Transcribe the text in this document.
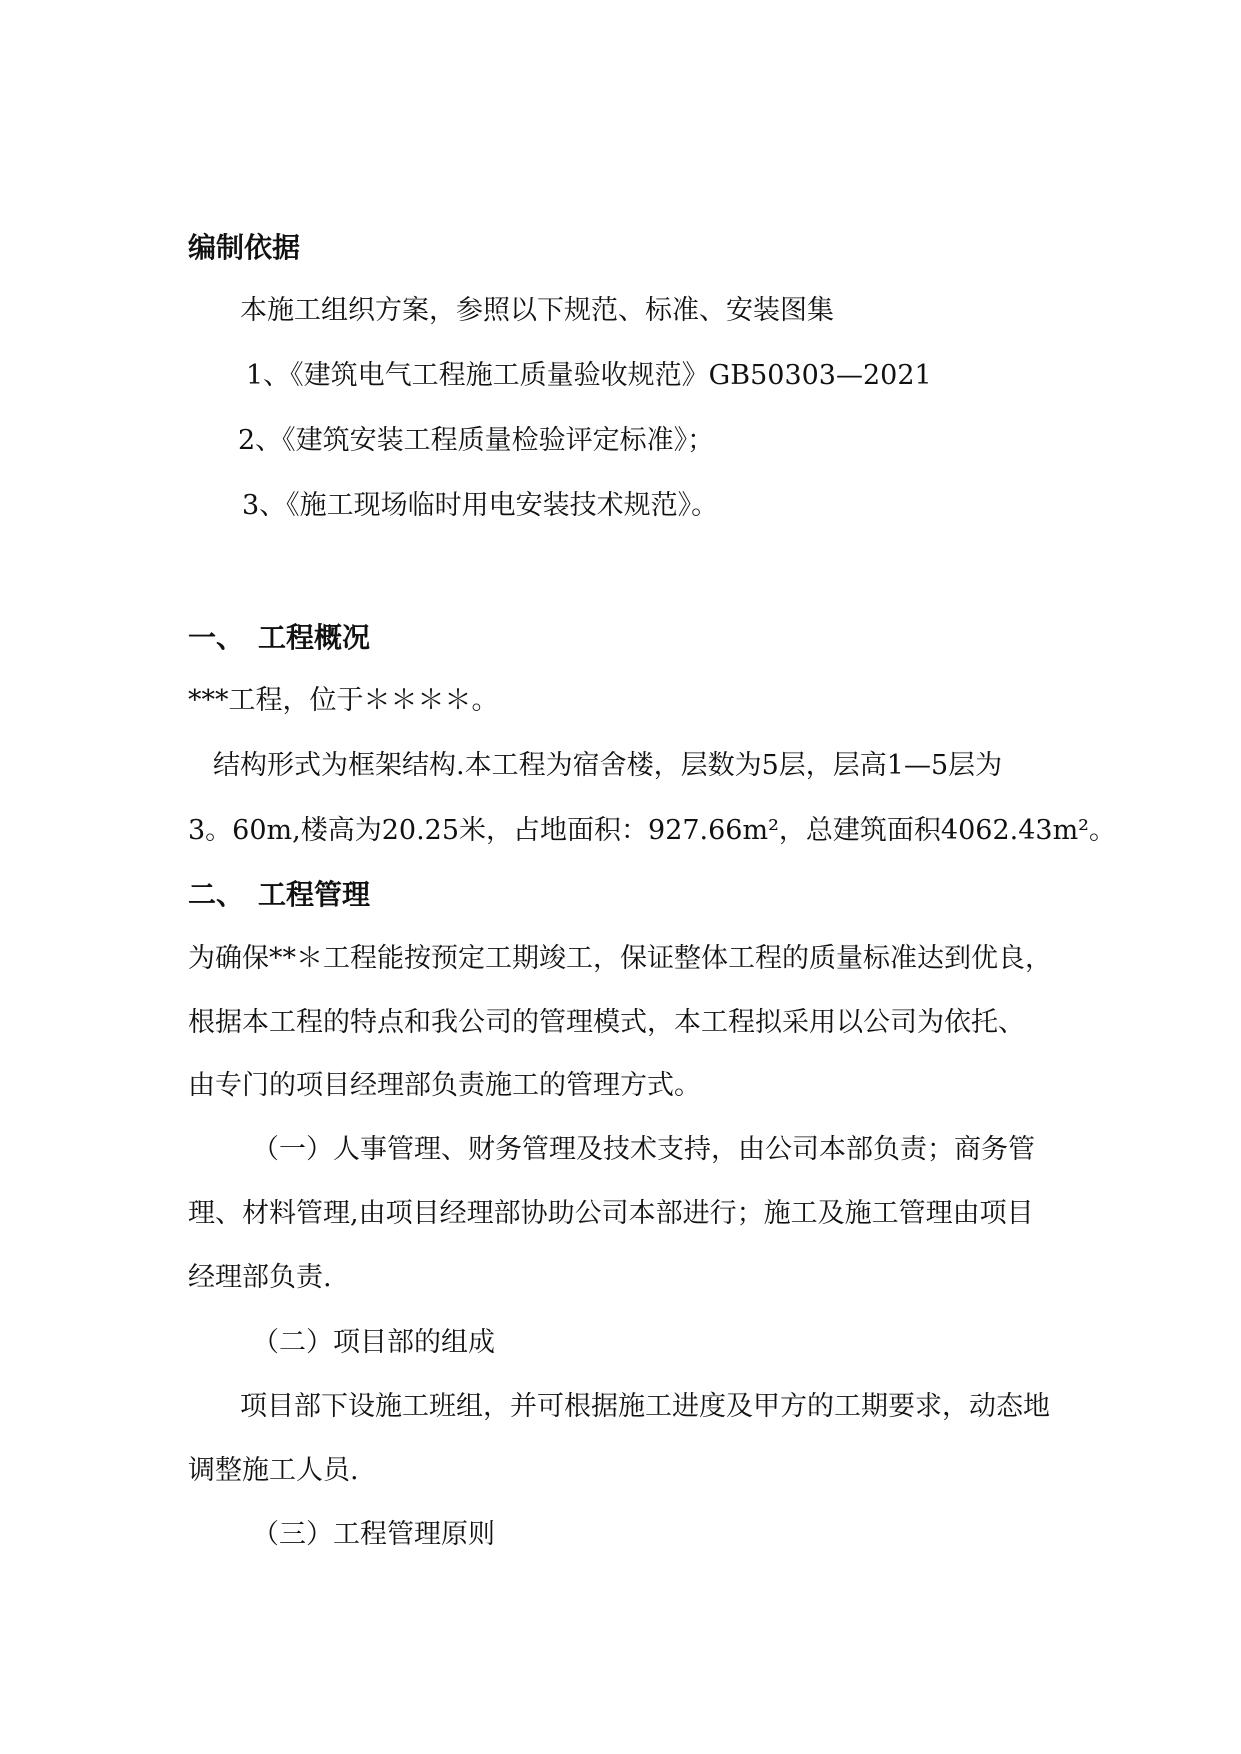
编制依据

本施工组织方案，参照以下规范、标准、安装图集

1、《建筑电气工程施工质量验收规范》GB50303—2021

2、《建筑安装工程质量检验评定标准》；

3、《施工现场临时用电安装技术规范》。

一、 工程概况

***工程，位于＊＊＊＊。

结构形式为框架结构.本工程为宿舍楼，层数为5层，层高1—5层为

3。60m,楼高为20.25米，占地面积：927.66m²，总建筑面积4062.43m²。

二、 工程管理

为确保**＊工程能按预定工期竣工，保证整体工程的质量标准达到优良，

根据本工程的特点和我公司的管理模式，本工程拟采用以公司为依托、

由专门的项目经理部负责施工的管理方式。

（一）人事管理、财务管理及技术支持，由公司本部负责；商务管

理、材料管理,由项目经理部协助公司本部进行；施工及施工管理由项目

经理部负责.

（二）项目部的组成

项目部下设施工班组，并可根据施工进度及甲方的工期要求，动态地

调整施工人员.

（三）工程管理原则
